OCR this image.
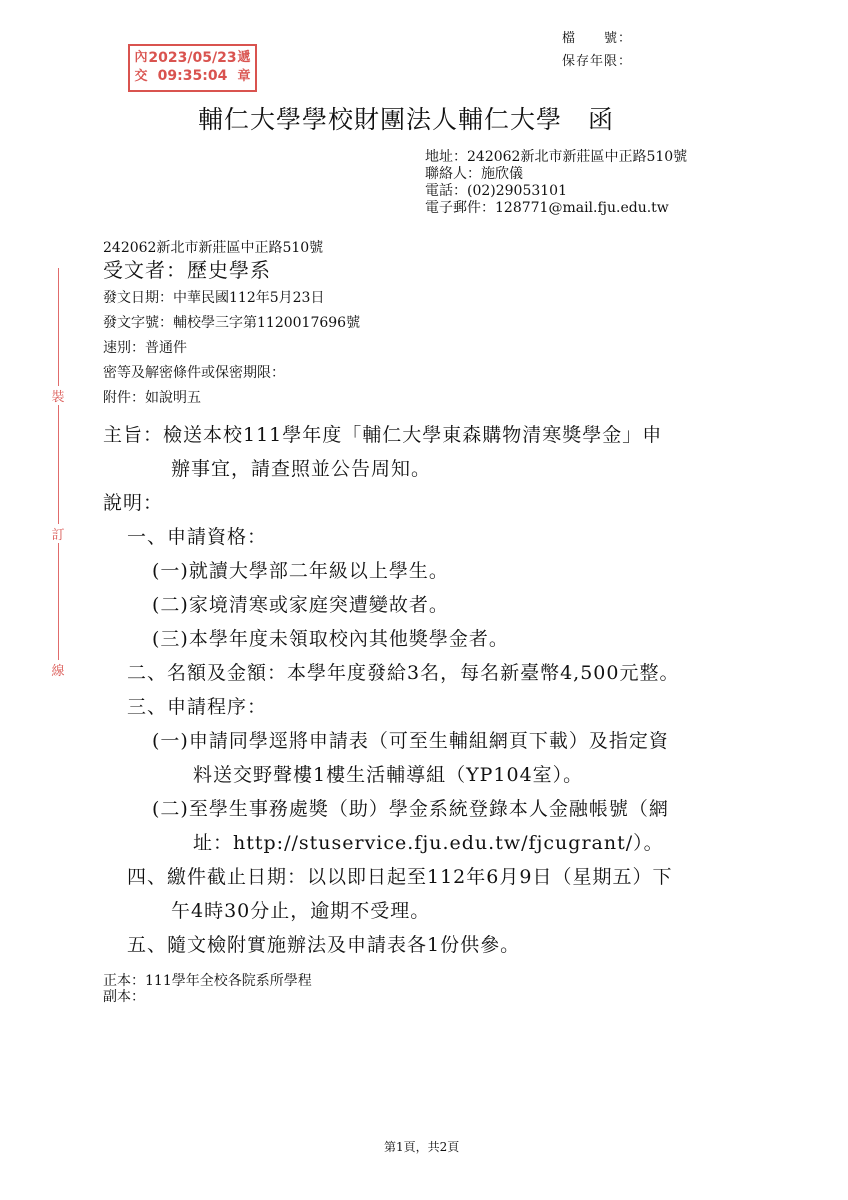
檔　　號：
保存年限：
內交
2023/05/23
09:35:04
遞章
輔仁大學學校財團法人輔仁大學　函
地址：242062新北市新莊區中正路510號
聯絡人：施欣儀
電話：(02)29053101
電子郵件：128771@mail.fju.edu.tw
242062新北市新莊區中正路510號
受文者：歷史學系
發文日期：中華民國112年5月23日
發文字號：輔校學三字第1120017696號
速別：普通件
密等及解密條件或保密期限：
附件：如說明五
裝
訂
線
主旨：檢送本校111學年度「輔仁大學東森購物清寒獎學金」申
辦事宜，請查照並公告周知。
說明：
一、申請資格：
(一)就讀大學部二年級以上學生。
(二)家境清寒或家庭突遭變故者。
(三)本學年度未領取校內其他獎學金者。
二、名額及金額：本學年度發給3名，每名新臺幣4,500元整。
三、申請程序：
(一)申請同學逕將申請表（可至生輔組網頁下載）及指定資
料送交野聲樓1樓生活輔導組（YP104室）。
(二)至學生事務處獎（助）學金系統登錄本人金融帳號（網
址：http://stuservice.fju.edu.tw/fjcugrant/）。
四、繳件截止日期：以以即日起至112年6月9日（星期五）下
午4時30分止，逾期不受理。
五、隨文檢附實施辦法及申請表各1份供參。
正本：111學年全校各院系所學程
副本：
第1頁，共2頁
